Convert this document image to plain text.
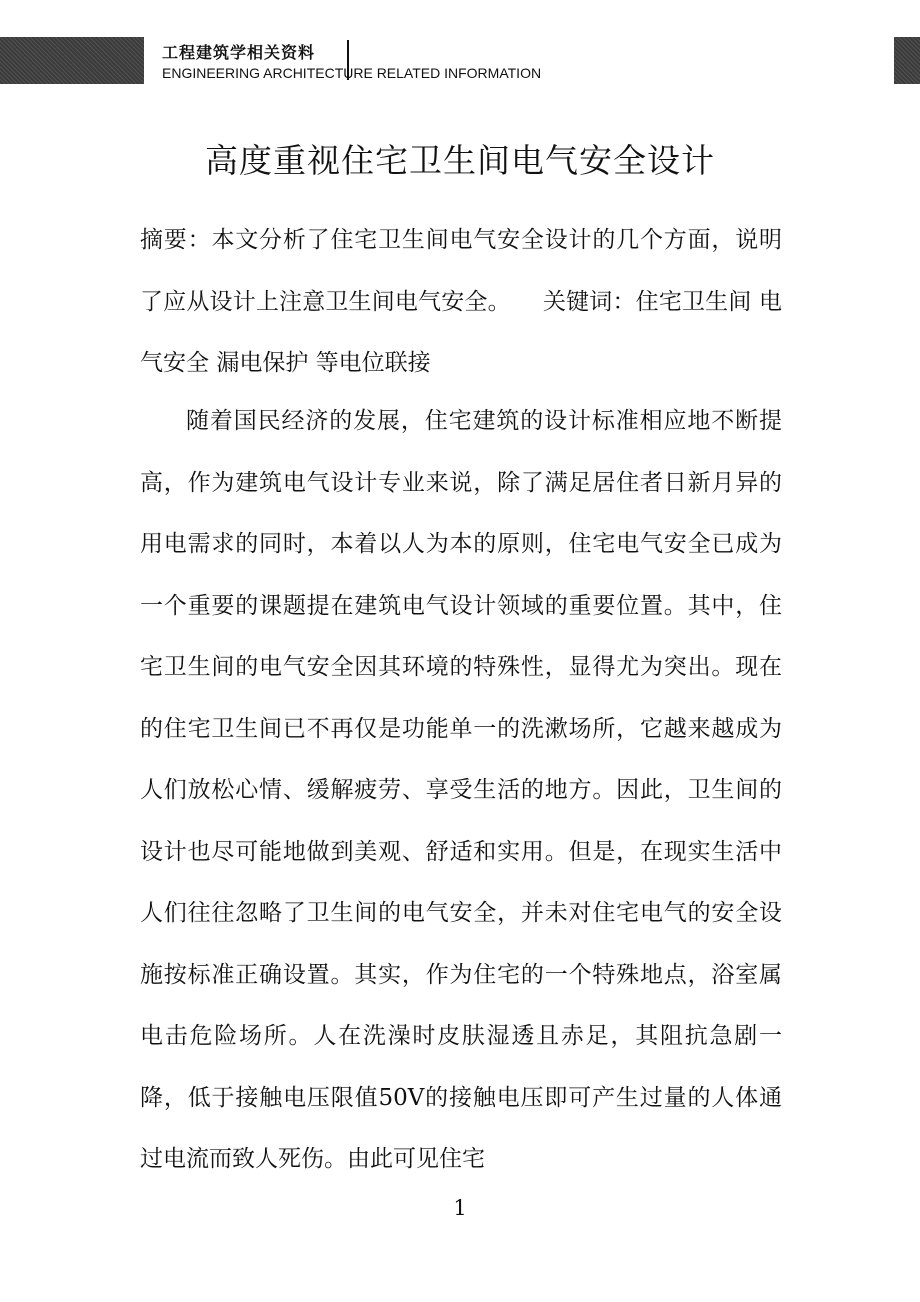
工程建筑学相关资料
ENGINEERING ARCHITECTURE RELATED INFORMATION
高度重视住宅卫生间电气安全设计

摘要：本文分析了住宅卫生间电气安全设计的几个方面，说明了应从设计上注意卫生间电气安全。 关键词：住宅卫生间 电气安全 漏电保护 等电位联接

随着国民经济的发展，住宅建筑的设计标准相应地不断提高，作为建筑电气设计专业来说，除了满足居住者日新月异的用电需求的同时，本着以人为本的原则，住宅电气安全已成为一个重要的课题提在建筑电气设计领域的重要位置。其中，住宅卫生间的电气安全因其环境的特殊性，显得尤为突出。现在的住宅卫生间已不再仅是功能单一的洗漱场所，它越来越成为人们放松心情、缓解疲劳、享受生活的地方。因此，卫生间的设计也尽可能地做到美观、舒适和实用。但是，在现实生活中人们往往忽略了卫生间的电气安全，并未对住宅电气的安全设施按标准正确设置。其实，作为住宅的一个特殊地点，浴室属电击危险场所。人在洗澡时皮肤湿透且赤足，其阻抗急剧一降，低于接触电压限值50V的接触电压即可产生过量的人体通过电流而致人死伤。由此可见住宅

1
